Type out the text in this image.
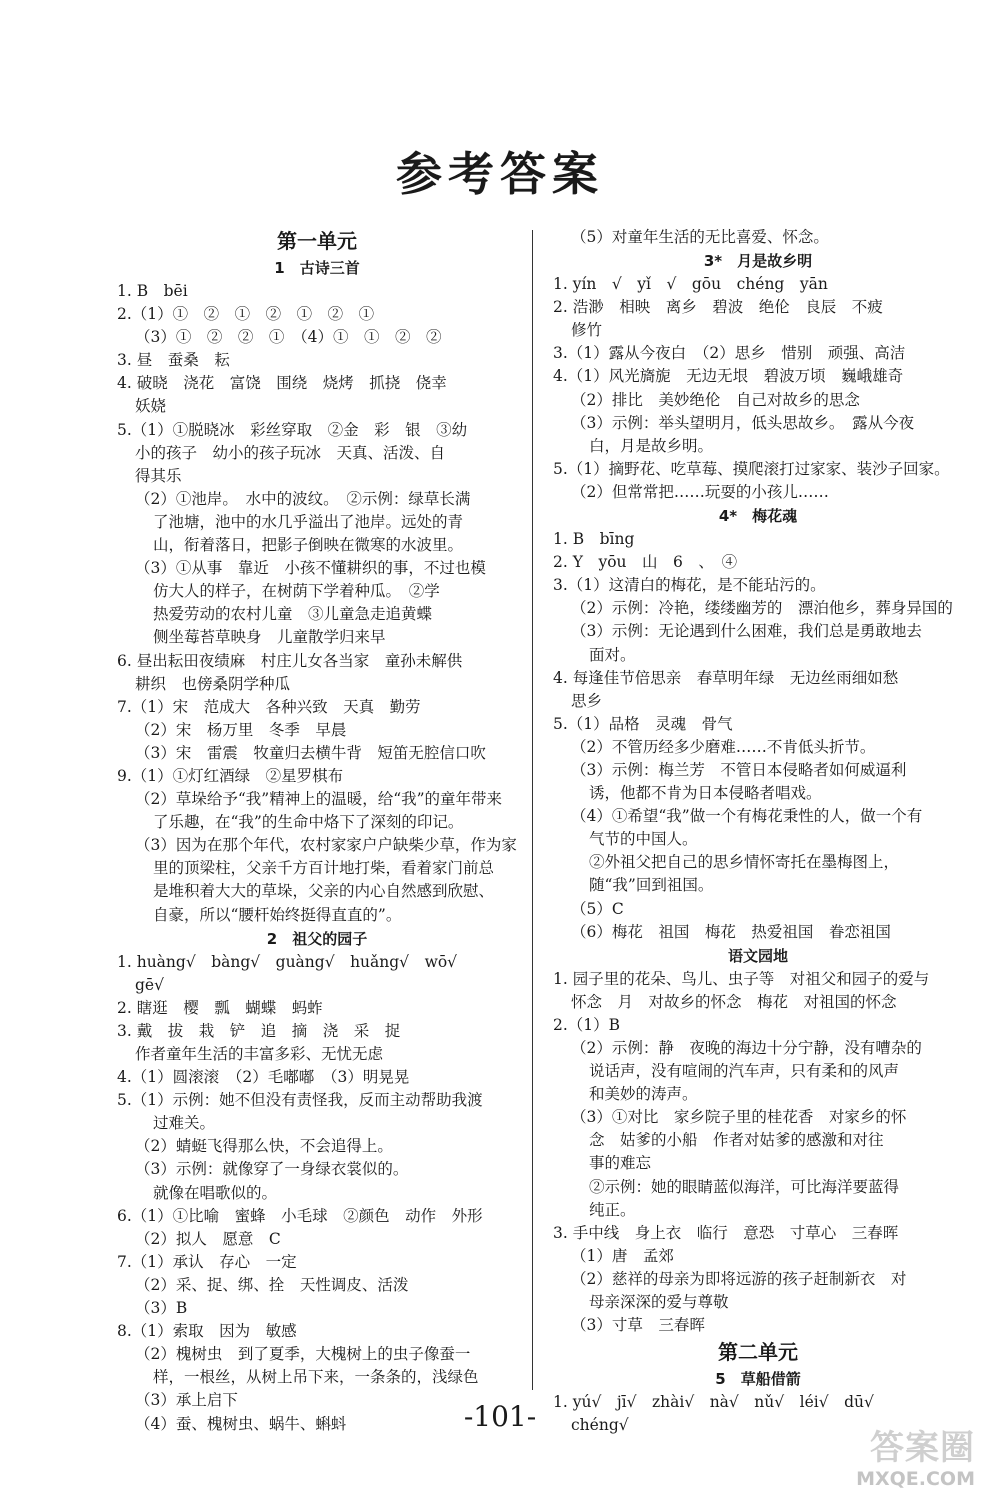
参考答案
第一单元
1　古诗三首
1. B　bēi
2.（1）①　②　①　②　①　②　①
（3）①　②　②　①　（4）①　①　②　②
3. 昼　蚕桑　耘
4. 破晓　浇花　富饶　围绕　烧烤　抓挠　侥幸
妖娆
5.（1）①脱晓冰　彩丝穿取　②金　彩　银　③幼
小的孩子　幼小的孩子玩冰　天真、活泼、自
得其乐
（2）①池岸。　水中的波纹。　②示例：绿草长满
了池塘，池中的水几乎溢出了池岸。远处的青
山，衔着落日，把影子倒映在微寒的水波里。
（3）①从事　靠近　小孩不懂耕织的事，不过也模
仿大人的样子，在树荫下学着种瓜。　②学
热爱劳动的农村儿童　③儿童急走追黄蝶
侧坐莓苔草映身　儿童散学归来早
6. 昼出耘田夜绩麻　村庄儿女各当家　童孙未解供
耕织　也傍桑阴学种瓜
7.（1）宋　范成大　各种兴致　天真　勤劳
（2）宋　杨万里　冬季　早晨
（3）宋　雷震　牧童归去横牛背　短笛无腔信口吹
9.（1）①灯红酒绿　②星罗棋布
（2）草垛给予“我”精神上的温暖，给“我”的童年带来
了乐趣，在“我”的生命中烙下了深刻的印记。
（3）因为在那个年代，农村家家户户缺柴少草，作为家
里的顶梁柱，父亲千方百计地打柴，看着家门前总
是堆积着大大的草垛，父亲的内心自然感到欣慰、
自豪，所以“腰杆始终挺得直直的”。
2　祖父的园子
1. huàng√　bàng√　guàng√　huǎng√　wō√
gē√
2. 瞎逛　樱　瓢　蝴蝶　蚂蚱
3. 戴　拔　栽　铲　追　摘　浇　采　捉
作者童年生活的丰富多彩、无忧无虑
4.（1）圆滚滚　（2）毛嘟嘟　（3）明晃晃
5.（1）示例：她不但没有责怪我，反而主动帮助我渡
过难关。
（2）蜻蜓飞得那么快，不会追得上。
（3）示例：就像穿了一身绿衣裳似的。
就像在唱歌似的。
6.（1）①比喻　蜜蜂　小毛球　②颜色　动作　外形
（2）拟人　愿意　C
7.（1）承认　存心　一定
（2）采、捉、绑、拴　天性调皮、活泼
（3）B
8.（1）索取　因为　敏感
（2）槐树虫　到了夏季，大槐树上的虫子像蚕一
样，一根丝，从树上吊下来，一条条的，浅绿色
（3）承上启下
（4）蚕、槐树虫、蜗牛、蝌蚪
（5）对童年生活的无比喜爱、怀念。
3*　月是故乡明
1. yín　√　yǐ　√　gōu　chéng　yān
2. 浩渺　相映　离乡　碧波　绝伦　良辰　不疲
修竹
3.（1）露从今夜白　（2）思乡　惜别　顽强、高洁
4.（1）风光旖旎　无边无垠　碧波万顷　巍峨雄奇
（2）排比　美妙绝伦　自己对故乡的思念
（3）示例：举头望明月，低头思故乡。　露从今夜
白，月是故乡明。
5.（1）摘野花、吃草莓、摸爬滚打过家家、装沙子回家。
（2）但常常把……玩耍的小孩儿……
4*　梅花魂
1. B　bīng
2. Y　yōu　山　6　、　④
3.（1）这清白的梅花，是不能玷污的。
（2）示例：冷艳，缕缕幽芳的　漂泊他乡，葬身异国的
（3）示例：无论遇到什么困难，我们总是勇敢地去
面对。
4. 每逢佳节倍思亲　春草明年绿　无边丝雨细如愁
思乡
5.（1）品格　灵魂　骨气
（2）不管历经多少磨难……不肯低头折节。
（3）示例：梅兰芳　不管日本侵略者如何威逼利
诱，他都不肯为日本侵略者唱戏。
（4）①希望“我”做一个有梅花秉性的人，做一个有
气节的中国人。
②外祖父把自己的思乡情怀寄托在墨梅图上，
随“我”回到祖国。
（5）C
（6）梅花　祖国　梅花　热爱祖国　眷恋祖国
语文园地
1. 园子里的花朵、鸟儿、虫子等　对祖父和园子的爱与
怀念　月　对故乡的怀念　梅花　对祖国的怀念
2.（1）B
（2）示例：静　夜晚的海边十分宁静，没有嘈杂的
说话声，没有喧闹的汽车声，只有柔和的风声
和美妙的涛声。
（3）①对比　家乡院子里的桂花香　对家乡的怀
念　姑爹的小船　作者对姑爹的感激和对往
事的难忘
②示例：她的眼睛蓝似海洋，可比海洋要蓝得
纯正。
3. 手中线　身上衣　临行　意恐　寸草心　三春晖
（1）唐　孟郊
（2）慈祥的母亲为即将远游的孩子赶制新衣　对
母亲深深的爱与尊敬
（3）寸草　三春晖
第二单元
5　草船借箭
1. yú√　jī√　zhài√　nà√　nǔ√　léi√　dū√
chéng√
-101-
答案圈
MXQE.COM
